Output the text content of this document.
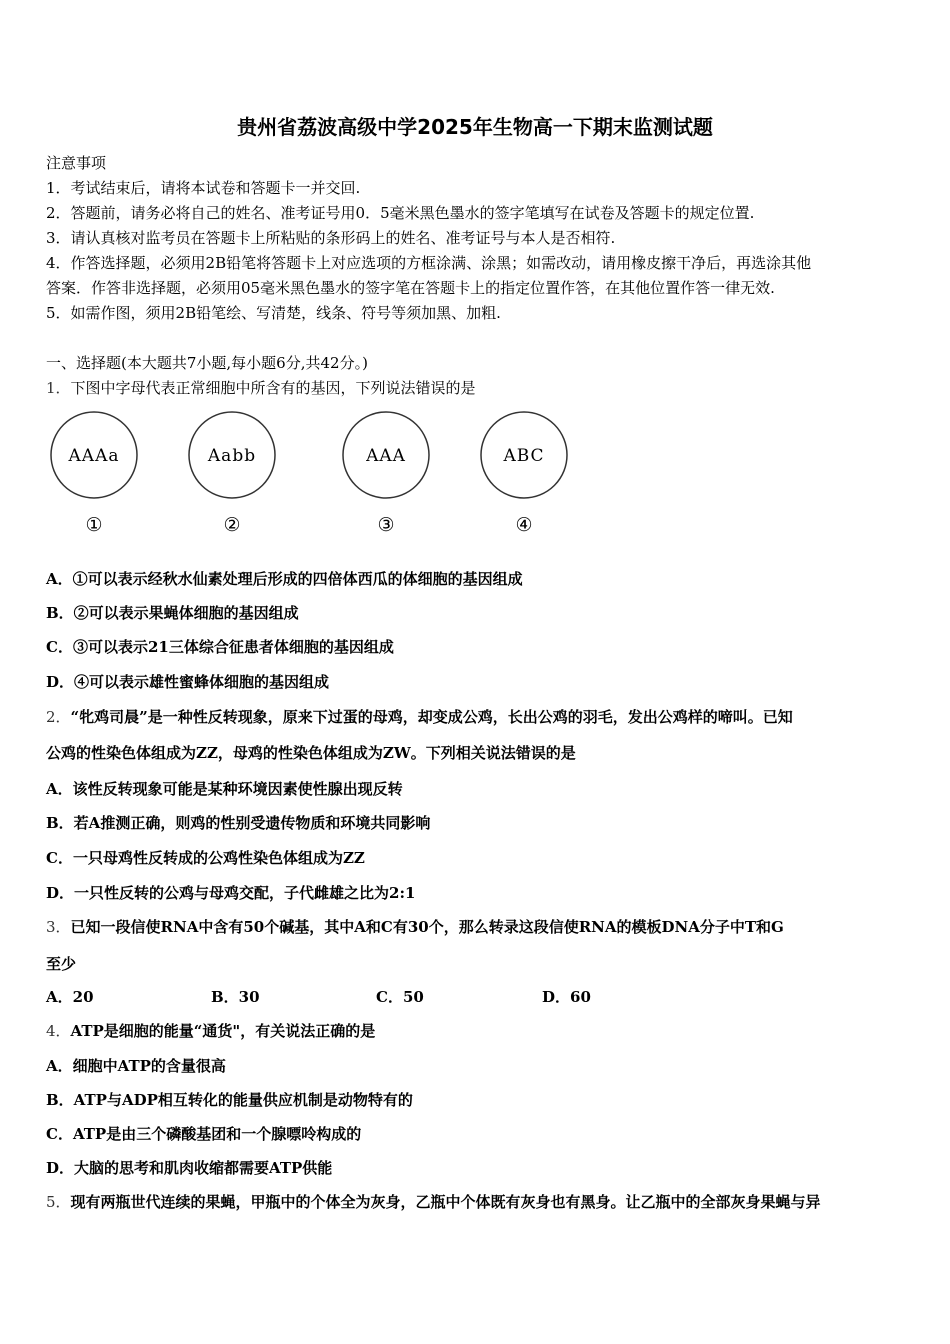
贵州省荔波高级中学2025年生物高一下期末监测试题
注意事项
1．考试结束后，请将本试卷和答题卡一并交回.
2．答题前，请务必将自己的姓名、准考证号用0．5毫米黑色墨水的签字笔填写在试卷及答题卡的规定位置.
3．请认真核对监考员在答题卡上所粘贴的条形码上的姓名、准考证号与本人是否相符.
4．作答选择题，必须用2B铅笔将答题卡上对应选项的方框涂满、涂黑；如需改动，请用橡皮擦干净后，再选涂其他
答案．作答非选择题，必须用05毫米黑色墨水的签字笔在答题卡上的指定位置作答，在其他位置作答一律无效.
5．如需作图，须用2B铅笔绘、写清楚，线条、符号等须加黑、加粗.
一、选择题(本大题共7小题,每小题6分,共42分。)
1．下图中字母代表正常细胞中所含有的基因，下列说法错误的是
AAAa
①
Aabb
②
AAA
③
ABC
④
A．①可以表示经秋水仙素处理后形成的四倍体西瓜的体细胞的基因组成
B．②可以表示果蝇体细胞的基因组成
C．③可以表示21三体综合征患者体细胞的基因组成
D．④可以表示雄性蜜蜂体细胞的基因组成
2．“牝鸡司晨”是一种性反转现象，原来下过蛋的母鸡，却变成公鸡，长出公鸡的羽毛，发出公鸡样的啼叫。已知
公鸡的性染色体组成为ZZ，母鸡的性染色体组成为ZW。下列相关说法错误的是
A．该性反转现象可能是某种环境因素使性腺出现反转
B．若A推测正确，则鸡的性别受遗传物质和环境共同影响
C．一只母鸡性反转成的公鸡性染色体组成为ZZ
D．一只性反转的公鸡与母鸡交配，子代雌雄之比为2:1
3．已知一段信使RNA中含有50个碱基，其中A和C有30个，那么转录这段信使RNA的模板DNA分子中T和G
至少
A．20	B．30	C．50	D．60
4．ATP是细胞的能量“通货"，有关说法正确的是
A．细胞中ATP的含量很高
B．ATP与ADP相互转化的能量供应机制是动物特有的
C．ATP是由三个磷酸基团和一个腺嘌呤构成的
D．大脑的思考和肌肉收缩都需要ATP供能
5．现有两瓶世代连续的果蝇，甲瓶中的个体全为灰身，乙瓶中个体既有灰身也有黑身。让乙瓶中的全部灰身果蝇与异
